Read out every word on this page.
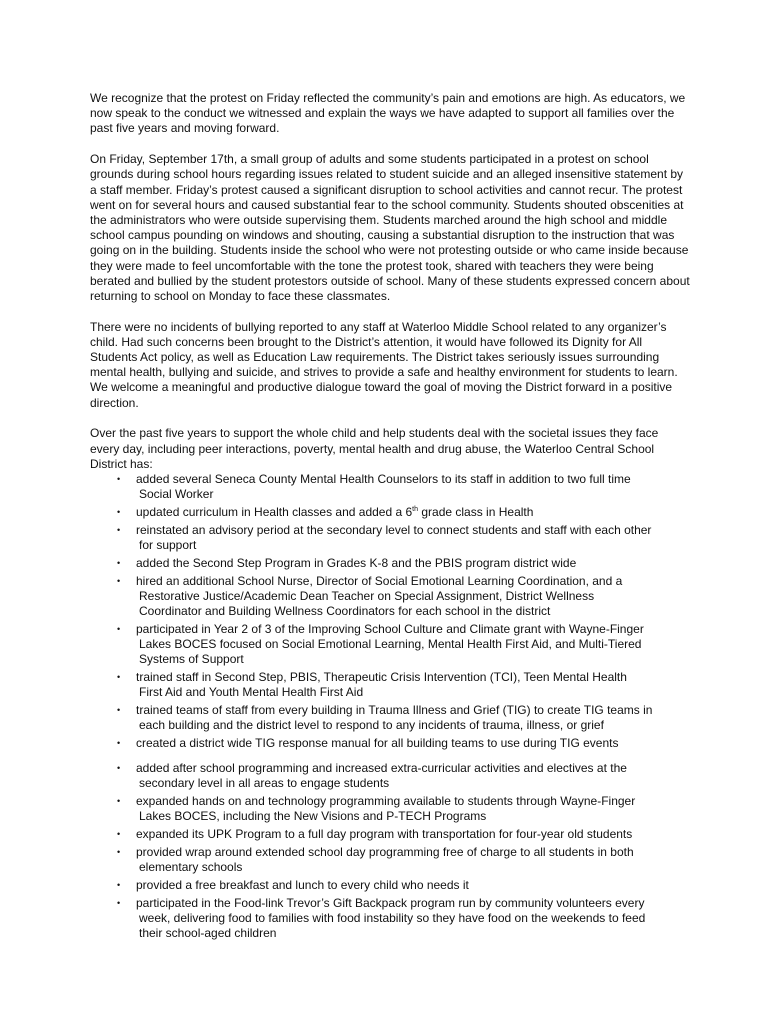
We recognize that the protest on Friday reflected the community’s pain and emotions are high. As educators, we now speak to the conduct we witnessed and explain the ways we have adapted to support all families over the past five years and moving forward.

On Friday, September 17th, a small group of adults and some students participated in a protest on school grounds during school hours regarding issues related to student suicide and an alleged insensitive statement by a staff member. Friday’s protest caused a significant disruption to school activities and cannot recur. The protest went on for several hours and caused substantial fear to the school community. Students shouted obscenities at the administrators who were outside supervising them. Students marched around the high school and middle school campus pounding on windows and shouting, causing a substantial disruption to the instruction that was going on in the building. Students inside the school who were not protesting outside or who came inside because they were made to feel uncomfortable with the tone the protest took, shared with teachers they were being berated and bullied by the student protestors outside of school. Many of these students expressed concern about returning to school on Monday to face these classmates.

There were no incidents of bullying reported to any staff at Waterloo Middle School related to any organizer’s child. Had such concerns been brought to the District’s attention, it would have followed its Dignity for All Students Act policy, as well as Education Law requirements. The District takes seriously issues surrounding mental health, bullying and suicide, and strives to provide a safe and healthy environment for students to learn. We welcome a meaningful and productive dialogue toward the goal of moving the District forward in a positive direction.

Over the past five years to support the whole child and help students deal with the societal issues they face every day, including peer interactions, poverty, mental health and drug abuse, the Waterloo Central School District has:

• added several Seneca County Mental Health Counselors to its staff in addition to two full time
Social Worker
• updated curriculum in Health classes and added a 6th grade class in Health
• reinstated an advisory period at the secondary level to connect students and staff with each other
for support
• added the Second Step Program in Grades K-8 and the PBIS program district wide
• hired an additional School Nurse, Director of Social Emotional Learning Coordination, and a
Restorative Justice/Academic Dean Teacher on Special Assignment, District Wellness
Coordinator and Building Wellness Coordinators for each school in the district
• participated in Year 2 of 3 of the Improving School Culture and Climate grant with Wayne-Finger
Lakes BOCES focused on Social Emotional Learning, Mental Health First Aid, and Multi-Tiered
Systems of Support
• trained staff in Second Step, PBIS, Therapeutic Crisis Intervention (TCI), Teen Mental Health
First Aid and Youth Mental Health First Aid
• trained teams of staff from every building in Trauma Illness and Grief (TIG) to create TIG teams in
each building and the district level to respond to any incidents of trauma, illness, or grief
• created a district wide TIG response manual for all building teams to use during TIG events
• added after school programming and increased extra-curricular activities and electives at the
secondary level in all areas to engage students
• expanded hands on and technology programming available to students through Wayne-Finger
Lakes BOCES, including the New Visions and P-TECH Programs
• expanded its UPK Program to a full day program with transportation for four-year old students
• provided wrap around extended school day programming free of charge to all students in both
elementary schools
• provided a free breakfast and lunch to every child who needs it
• participated in the Food-link Trevor’s Gift Backpack program run by community volunteers every
week, delivering food to families with food instability so they have food on the weekends to feed
their school-aged children
